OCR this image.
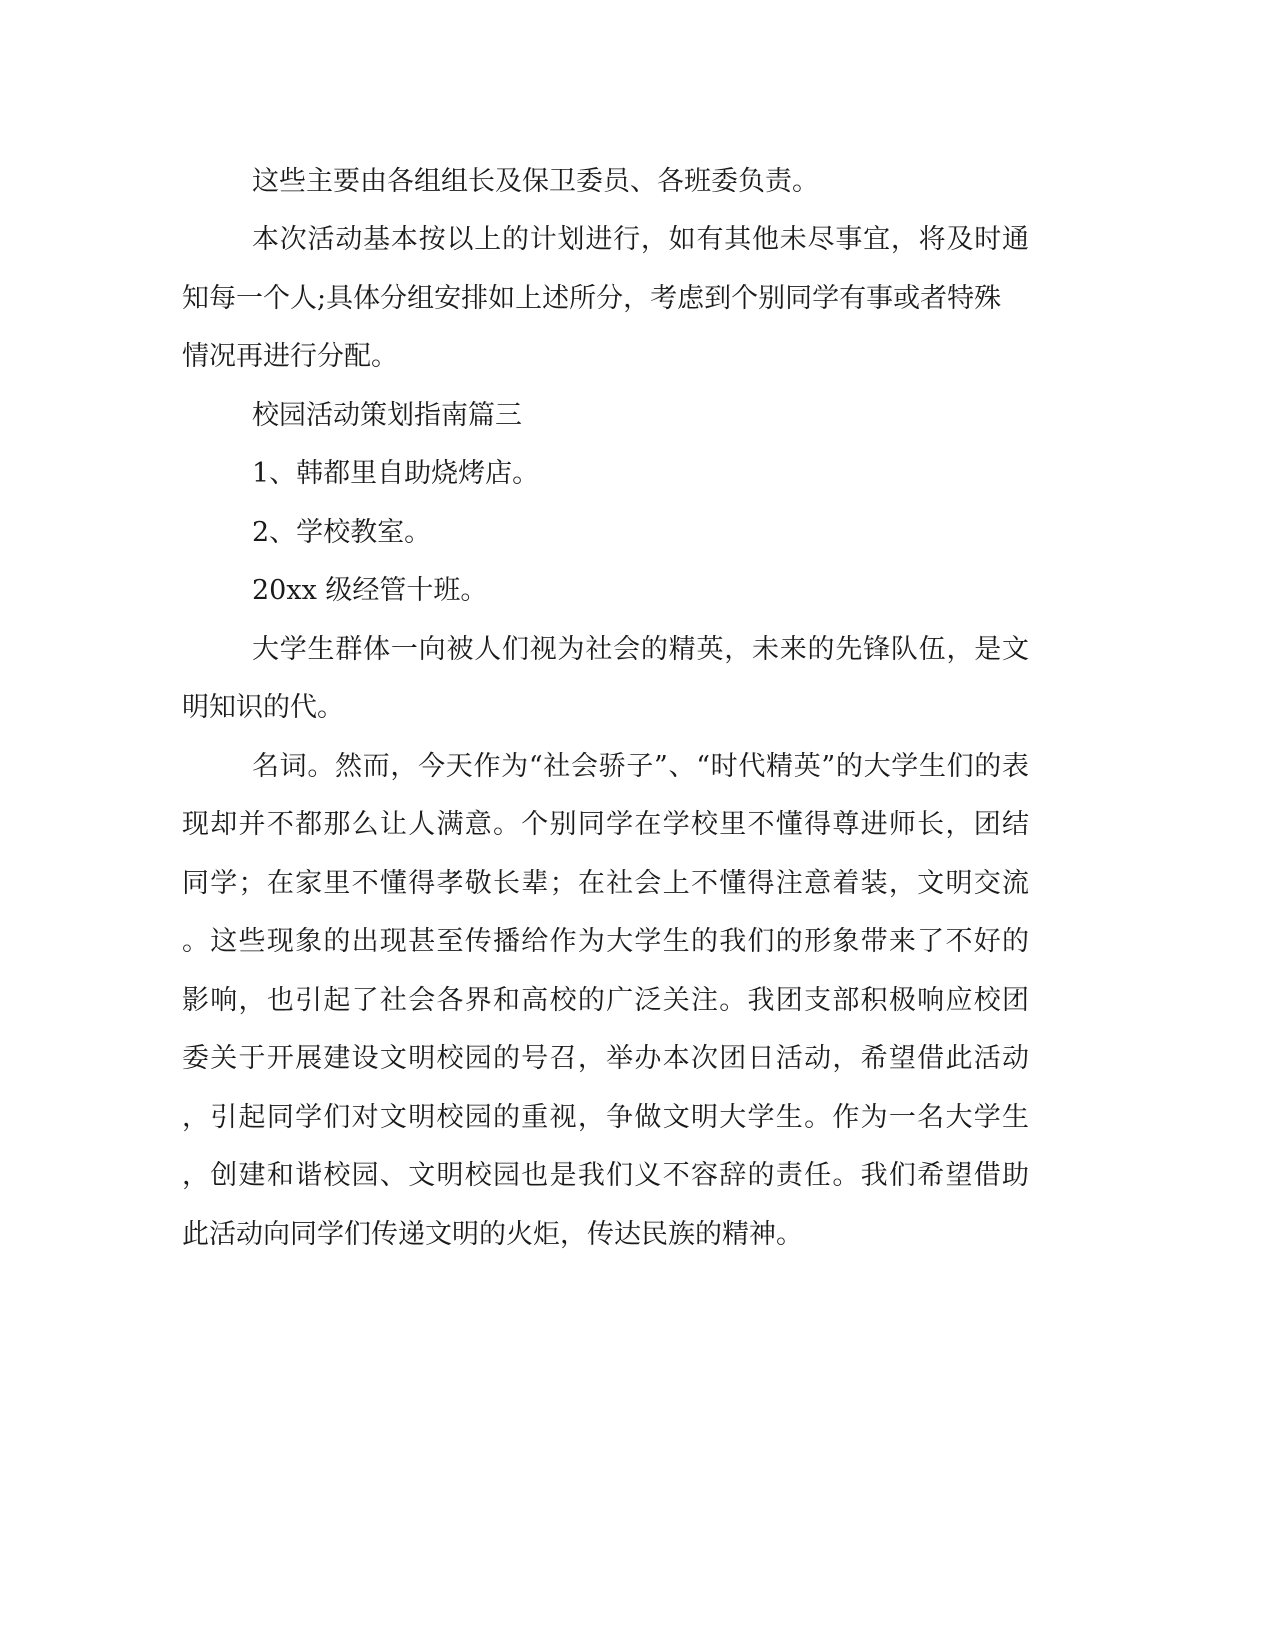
这些主要由各组组长及保卫委员、各班委负责。

本次活动基本按以上的计划进行，如有其他未尽事宜，将及时通

知每一个人;具体分组安排如上述所分，考虑到个别同学有事或者特殊

情况再进行分配。

校园活动策划指南篇三

1、韩都里自助烧烤店。

2、学校教室。

20xx 级经管十班。

大学生群体一向被人们视为社会的精英，未来的先锋队伍，是文

明知识的代。

名词。然而，今天作为“社会骄子”、“时代精英”的大学生们的表

现却并不都那么让人满意。个别同学在学校里不懂得尊进师长，团结

同学；在家里不懂得孝敬长辈；在社会上不懂得注意着装，文明交流

。这些现象的出现甚至传播给作为大学生的我们的形象带来了不好的

影响，也引起了社会各界和高校的广泛关注。我团支部积极响应校团

委关于开展建设文明校园的号召，举办本次团日活动，希望借此活动

，引起同学们对文明校园的重视，争做文明大学生。作为一名大学生

，创建和谐校园、文明校园也是我们义不容辞的责任。我们希望借助

此活动向同学们传递文明的火炬，传达民族的精神。
